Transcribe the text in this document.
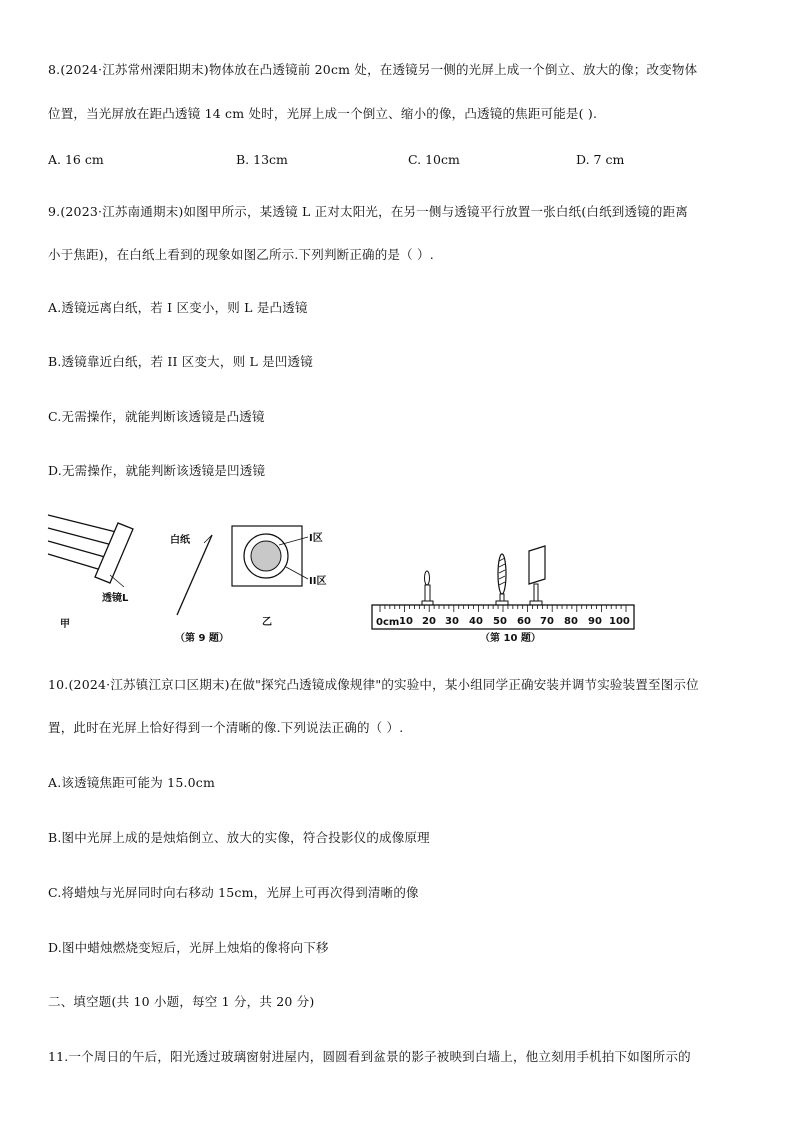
8.(2024·江苏常州溧阳期末)物体放在凸透镜前 20cm 处，在透镜另一侧的光屏上成一个倒立、放大的像；改变物体
位置，当光屏放在距凸透镜 14 cm 处时，光屏上成一个倒立、缩小的像，凸透镜的焦距可能是( ).
A. 16 cm	B. 13cm	C. 10cm	D. 7 cm
9.(2023·江苏南通期末)如图甲所示，某透镜 L 正对太阳光，在另一侧与透镜平行放置一张白纸(白纸到透镜的距离
小于焦距)，在白纸上看到的现象如图乙所示.下列判断正确的是（ ）.
A.透镜远离白纸，若 I 区变小，则 L 是凸透镜
B.透镜靠近白纸，若 II 区变大，则 L 是凹透镜
C.无需操作，就能判断该透镜是凸透镜
D.无需操作，就能判断该透镜是凹透镜
透镜L
甲
白纸	I区
II区
乙
（第 9 题）
0cm 10 20 30 40 50 60 70 80 90 100
（第 10 题）
10.(2024·江苏镇江京口区期末)在做"探究凸透镜成像规律"的实验中，某小组同学正确安装并调节实验装置至图示位
置，此时在光屏上恰好得到一个清晰的像.下列说法正确的（ ）.
A.该透镜焦距可能为 15.0cm
B.图中光屏上成的是烛焰倒立、放大的实像，符合投影仪的成像原理
C.将蜡烛与光屏同时向右移动 15cm，光屏上可再次得到清晰的像
D.图中蜡烛燃烧变短后，光屏上烛焰的像将向下移
二、填空题(共 10 小题，每空 1 分，共 20 分)
11.一个周日的午后，阳光透过玻璃窗射进屋内，圆圆看到盆景的影子被映到白墙上，他立刻用手机拍下如图所示的
